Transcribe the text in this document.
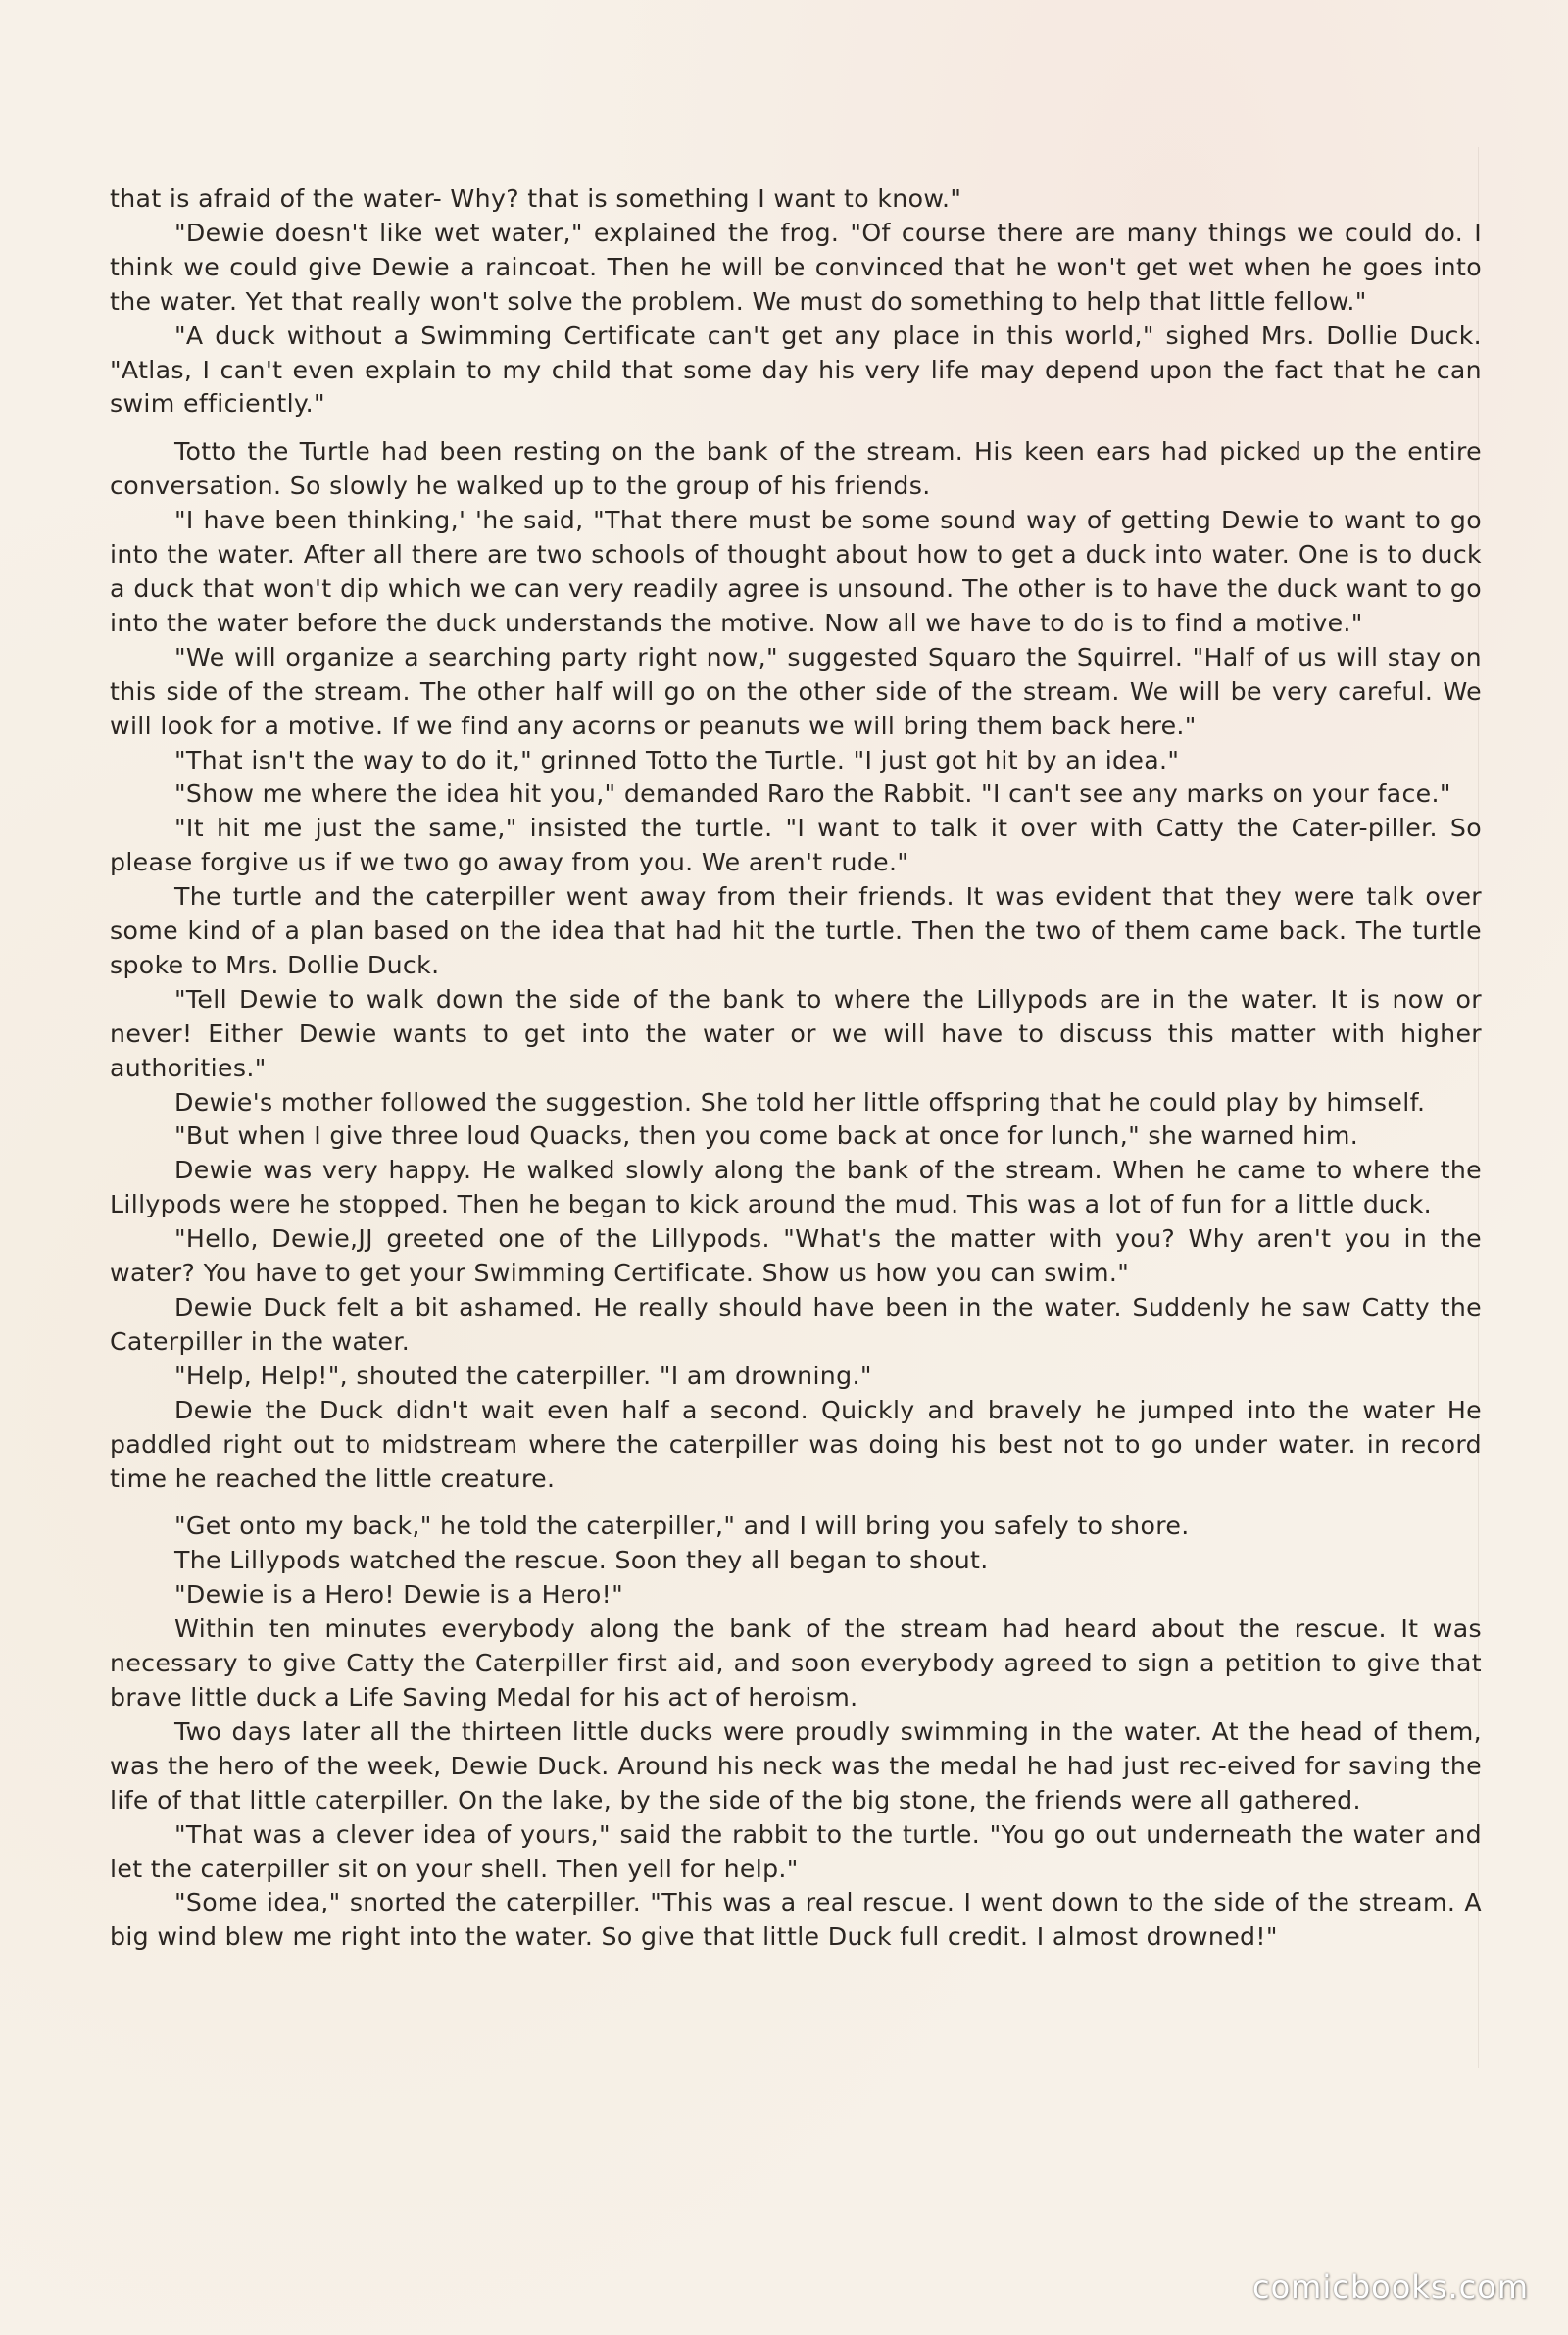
that is afraid of the water- Why? that is something I want to know."

"Dewie doesn't like wet water," explained the frog. "Of course there are many things we could do. I think we could give Dewie a raincoat. Then he will be convinced that he won't get wet when he goes into the water. Yet that really won't solve the problem. We must do something to help that little fellow."

"A duck without a Swimming Certificate can't get any place in this world," sighed Mrs. Dollie Duck. "Atlas, I can't even explain to my child that some day his very life may depend upon the fact that he can swim efficiently."

Totto the Turtle had been resting on the bank of the stream. His keen ears had picked up the entire conversation. So slowly he walked up to the group of his friends.

"I have been thinking,' 'he said, "That there must be some sound way of getting Dewie to want to go into the water. After all there are two schools of thought about how to get a duck into water. One is to duck a duck that won't dip which we can very readily agree is unsound. The other is to have the duck want to go into the water before the duck understands the motive. Now all we have to do is to find a motive."

"We will organize a searching party right now," suggested Squaro the Squirrel. "Half of us will stay on this side of the stream. The other half will go on the other side of the stream. We will be very careful. We will look for a motive. If we find any acorns or peanuts we will bring them back here."

"That isn't the way to do it," grinned Totto the Turtle. "I just got hit by an idea."

"Show me where the idea hit you," demanded Raro the Rabbit. "I can't see any marks on your face."

"It hit me just the same," insisted the turtle. "I want to talk it over with Catty the Cater-piller. So please forgive us if we two go away from you. We aren't rude."

The turtle and the caterpiller went away from their friends. It was evident that they were talk over some kind of a plan based on the idea that had hit the turtle. Then the two of them came back. The turtle spoke to Mrs. Dollie Duck.

"Tell Dewie to walk down the side of the bank to where the Lillypods are in the water. It is now or never! Either Dewie wants to get into the water or we will have to discuss this matter with higher authorities."

Dewie's mother followed the suggestion. She told her little offspring that he could play by himself.

"But when I give three loud Quacks, then you come back at once for lunch," she warned him.

Dewie was very happy. He walked slowly along the bank of the stream. When he came to where the Lillypods were he stopped. Then he began to kick around the mud. This was a lot of fun for a little duck.

"Hello, Dewie,JJ greeted one of the Lillypods. "What's the matter with you? Why aren't you in the water? You have to get your Swimming Certificate. Show us how you can swim."

Dewie Duck felt a bit ashamed. He really should have been in the water. Suddenly he saw Catty the Caterpiller in the water.

"Help, Help!", shouted the caterpiller. "I am drowning."

Dewie the Duck didn't wait even half a second. Quickly and bravely he jumped into the water He paddled right out to midstream where the caterpiller was doing his best not to go under water. in record time he reached the little creature.

"Get onto my back," he told the caterpiller," and I will bring you safely to shore.

The Lillypods watched the rescue. Soon they all began to shout.

"Dewie is a Hero! Dewie is a Hero!"

Within ten minutes everybody along the bank of the stream had heard about the rescue. It was necessary to give Catty the Caterpiller first aid, and soon everybody agreed to sign a petition to give that brave little duck a Life Saving Medal for his act of heroism.

Two days later all the thirteen little ducks were proudly swimming in the water. At the head of them, was the hero of the week, Dewie Duck. Around his neck was the medal he had just rec-eived for saving the life of that little caterpiller. On the lake, by the side of the big stone, the friends were all gathered.

"That was a clever idea of yours," said the rabbit to the turtle. "You go out underneath the water and let the caterpiller sit on your shell. Then yell for help."

"Some idea," snorted the caterpiller. "This was a real rescue. I went down to the side of the stream. A big wind blew me right into the water. So give that little Duck full credit. I almost drowned!"

comicbooks.com
